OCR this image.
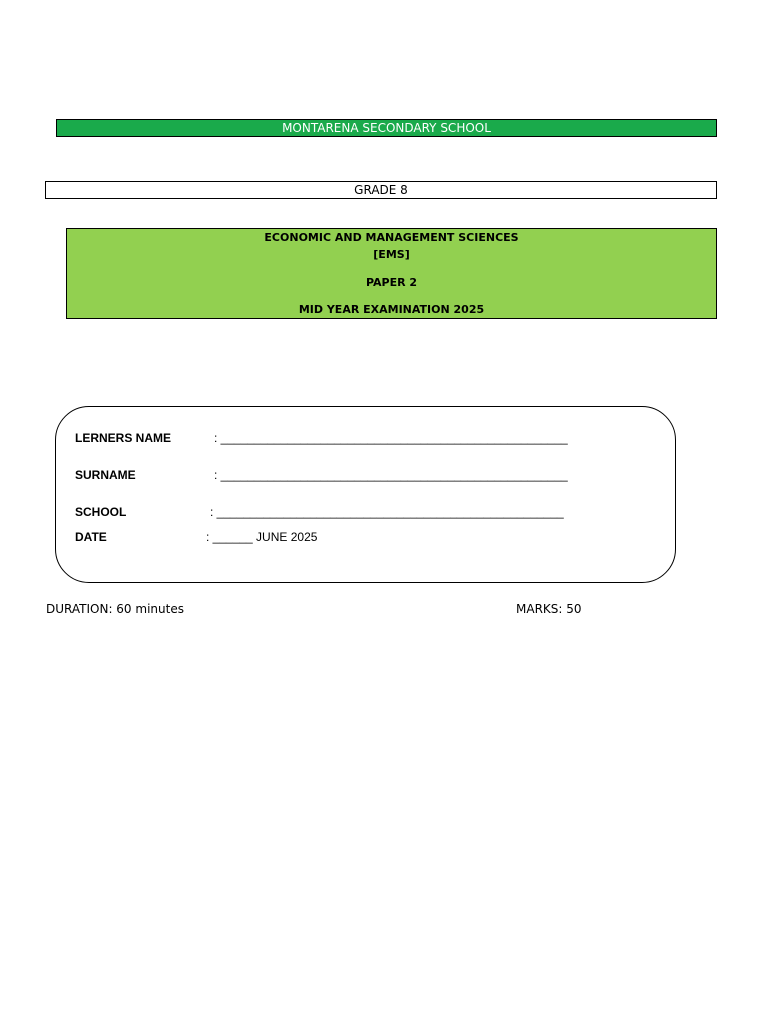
MONTARENA SECONDARY SCHOOL
GRADE 8
ECONOMIC AND MANAGEMENT SCIENCES
[EMS]
PAPER 2
MID YEAR EXAMINATION 2025
LERNERS NAME	: ____________________________________________________
SURNAME	: ____________________________________________________
SCHOOL	: ____________________________________________________
DATE	: ______ JUNE 2025
DURATION: 60 minutes	MARKS: 50
